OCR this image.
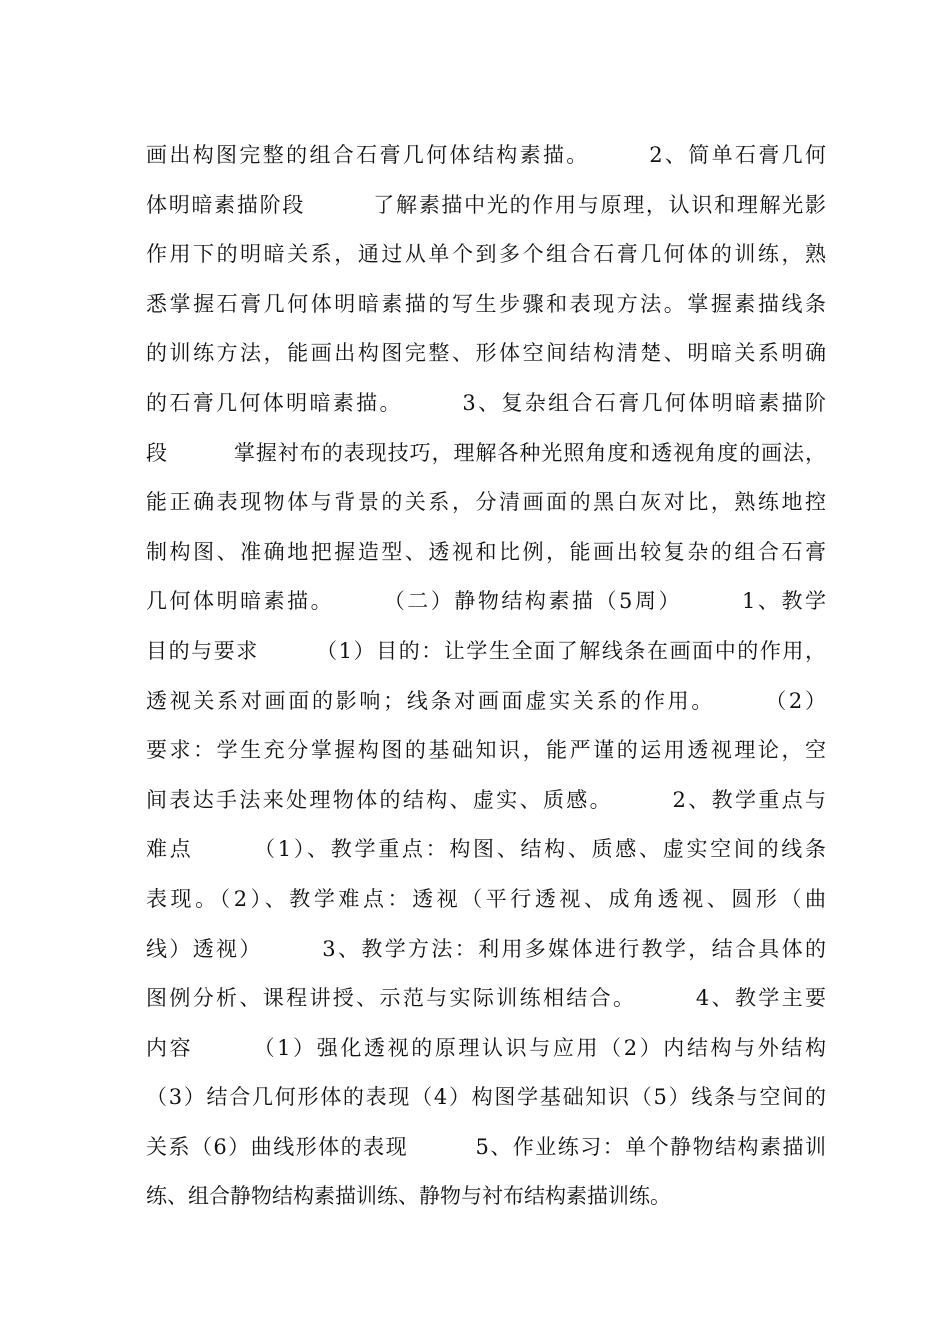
画出构图完整的组合石膏几何体结构素描。　　　2、简单石膏几何
体明暗素描阶段　　　了解素描中光的作用与原理，认识和理解光影
作用下的明暗关系，通过从单个到多个组合石膏几何体的训练，熟
悉掌握石膏几何体明暗素描的写生步骤和表现方法。掌握素描线条
的训练方法，能画出构图完整、形体空间结构清楚、明暗关系明确
的石膏几何体明暗素描。　　　3、复杂组合石膏几何体明暗素描阶
段　　　掌握衬布的表现技巧，理解各种光照角度和透视角度的画法，
能正确表现物体与背景的关系，分清画面的黑白灰对比，熟练地控
制构图、准确地把握造型、透视和比例，能画出较复杂的组合石膏
几何体明暗素描。　　　（二）静物结构素描（5周）　　　1、教学
目的与要求　　　（1）目的：让学生全面了解线条在画面中的作用，
透视关系对画面的影响；线条对画面虚实关系的作用。　　　（2）
要求：学生充分掌握构图的基础知识，能严谨的运用透视理论，空
间表达手法来处理物体的结构、虚实、质感。　　　2、教学重点与
难点　　　（1）、教学重点：构图、结构、质感、虚实空间的线条
表现。（2）、教学难点：透视（平行透视、成角透视、圆形（曲
线）透视）　　　3、教学方法：利用多媒体进行教学，结合具体的
图例分析、课程讲授、示范与实际训练相结合。　　　4、教学主要
内容　　　（1）强化透视的原理认识与应用（2）内结构与外结构
（3）结合几何形体的表现（4）构图学基础知识（5）线条与空间的
关系（6）曲线形体的表现　　　5、作业练习：单个静物结构素描训
练、组合静物结构素描训练、静物与衬布结构素描训练。
